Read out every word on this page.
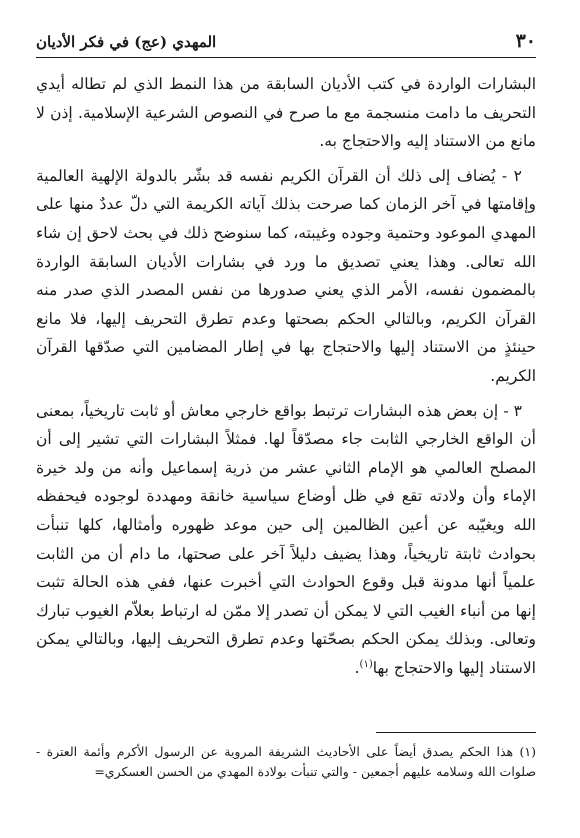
٣٠
المهدي (عج) في فكر الأديان

البشارات الواردة في كتب الأديان السابقة من هذا النمط الذي لم تطاله أيدي التحريف ما دامت منسجمة مع ما صرح في النصوص الشرعية الإسلامية. إذن لا مانع من الاستناد إليه والاحتجاج به.

٢ - يُضاف إلى ذلك أن القرآن الكريم نفسه قد بشّر بالدولة الإلهية العالمية وإقامتها في آخر الزمان كما صرحت بذلك آياته الكريمة التي دلّ عددٌ منها على المهدي الموعود وحتمية وجوده وغيبته، كما سنوضح ذلك في بحث لاحق إن شاء الله تعالى. وهذا يعني تصديق ما ورد في بشارات الأديان السابقة الواردة بالمضمون نفسه، الأمر الذي يعني صدورها من نفس المصدر الذي صدر منه القرآن الكريم، وبالتالي الحكم بصحتها وعدم تطرق التحريف إليها، فلا مانع حينئذٍ من الاستناد إليها والاحتجاج بها في إطار المضامين التي صدّقها القرآن الكريم.

٣ - إن بعض هذه البشارات ترتبط بواقع خارجي معاش أو ثابت تاريخياً، بمعنى أن الواقع الخارجي الثابت جاء مصدّقاً لها. فمثلاً البشارات التي تشير إلى أن المصلح العالمي هو الإمام الثاني عشر من ذرية إسماعيل وأنه من ولد خيرة الإماء وأن ولادته تقع في ظل أوضاع سياسية خانقة ومهددة لوجوده فيحفظه الله ويغيّبه عن أعين الظالمين إلى حين موعد ظهوره وأمثالها، كلها تنبأت بحوادث ثابتة تاريخياً، وهذا يضيف دليلاً آخر على صحتها، ما دام أن من الثابت علمياً أنها مدونة قبل وقوع الحوادث التي أخبرت عنها، ففي هذه الحالة تثبت إنها من أنباء الغيب التي لا يمكن أن تصدر إلا ممّن له ارتباط بعلاّم الغيوب تبارك وتعالى. وبذلك يمكن الحكم بصحّتها وعدم تطرق التحريف إليها، وبالتالي يمكن الاستناد إليها والاحتجاج بها$^{(١)}$.

(١) هذا الحكم يصدق أيضاً على الأحاديث الشريفة المروية عن الرسول الأكرم وأئمة العترة - صلوات الله وسلامه عليهم أجمعين - والتي تنبأت بولادة المهدي من الحسن العسكري=
